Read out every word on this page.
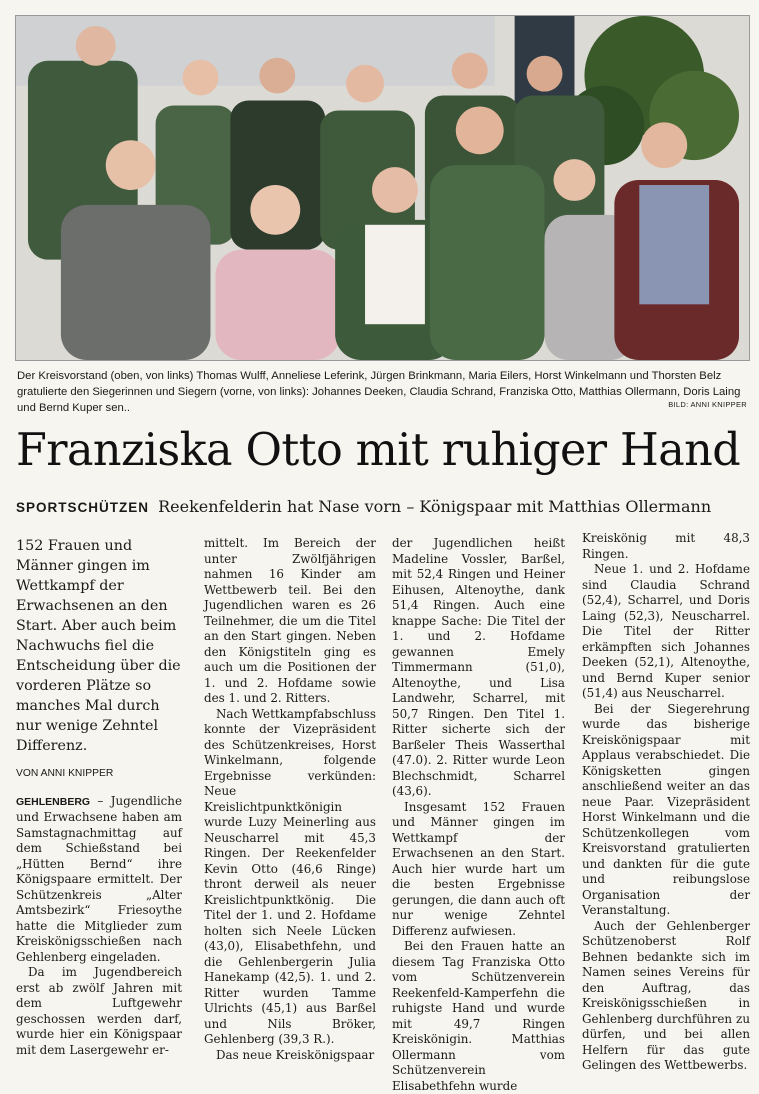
Der Kreisvorstand (oben, von links) Thomas Wulff, Anneliese Leferink, Jürgen Brinkmann, Maria Eilers, Horst Winkelmann und Thorsten Belz gratulierte den Siegerinnen und Siegern (vorne, von links): Johannes Deeken, Claudia Schrand, Franziska Otto, Matthias Ollermann, Doris Laing und Bernd Kuper sen..	BILD: ANNI KNIPPER
Franziska Otto mit ruhiger Hand
SPORTSCHÜTZEN Reekenfelderin hat Nase vorn – Königspaar mit Matthias Ollermann

152 Frauen und Männer gingen im Wettkampf der Erwachsenen an den Start. Aber auch beim Nachwuchs fiel die Entscheidung über die vorderen Plätze so manches Mal durch nur wenige Zehntel Differenz.

VON ANNI KNIPPER

GEHLENBERG – Jugendliche und Erwachsene haben am Samstagnachmittag auf dem Schießstand bei „Hütten Bernd“ ihre Königspaare ermittelt. Der Schützenkreis „Alter Amtsbezirk“ Friesoythe hatte die Mitglieder zum Kreiskönigsschießen nach Gehlenberg eingeladen.

Da im Jugendbereich erst ab zwölf Jahren mit dem Luftgewehr geschossen werden darf, wurde hier ein Königspaar mit dem Lasergewehr er-

mittelt. Im Bereich der unter Zwölfjährigen nahmen 16 Kinder am Wettbewerb teil. Bei den Jugendlichen waren es 26 Teilnehmer, die um die Titel an den Start gingen. Neben den Königstiteln ging es auch um die Positionen der 1. und 2. Hofdame sowie des 1. und 2. Ritters.

Nach Wettkampfabschluss konnte der Vizepräsident des Schützenkreises, Horst Winkelmann, folgende Ergebnisse verkünden: Neue Kreislichtpunktkönigin wurde Luzy Meinerling aus Neuscharrel mit 45,3 Ringen. Der Reekenfelder Kevin Otto (46,6 Ringe) thront derweil als neuer Kreislichtpunktkönig. Die Titel der 1. und 2. Hofdame holten sich Neele Lücken (43,0), Elisabethfehn, und die Gehlenbergerin Julia Hanekamp (42,5). 1. und 2. Ritter wurden Tamme Ulrichts (45,1) aus Barßel und Nils Bröker, Gehlenberg (39,3 R.).

Das neue Kreiskönigspaar

der Jugendlichen heißt Madeline Vossler, Barßel, mit 52,4 Ringen und Heiner Eihusen, Altenoythe, dank 51,4 Ringen. Auch eine knappe Sache: Die Titel der 1. und 2. Hofdame gewannen Emely Timmermann (51,0), Altenoythe, und Lisa Landwehr, Scharrel, mit 50,7 Ringen. Den Titel 1. Ritter sicherte sich der Barßeler Theis Wasserthal (47.0). 2. Ritter wurde Leon Blechschmidt, Scharrel (43,6).

Insgesamt 152 Frauen und Männer gingen im Wettkampf der Erwachsenen an den Start. Auch hier wurde hart um die besten Ergebnisse gerungen, die dann auch oft nur wenige Zehntel Differenz aufwiesen.

Bei den Frauen hatte an diesem Tag Franziska Otto vom Schützenverein Reekenfeld-Kamperfehn die ruhigste Hand und wurde mit 49,7 Ringen Kreiskönigin. Matthias Ollermann vom Schützenverein Elisabethfehn wurde

Kreiskönig mit 48,3 Ringen.

Neue 1. und 2. Hofdame sind Claudia Schrand (52,4), Scharrel, und Doris Laing (52,3), Neuscharrel. Die Titel der Ritter erkämpften sich Johannes Deeken (52,1), Altenoythe, und Bernd Kuper senior (51,4) aus Neuscharrel.

Bei der Siegerehrung wurde das bisherige Kreiskönigspaar mit Applaus verabschiedet. Die Königsketten gingen anschließend weiter an das neue Paar. Vizepräsident Horst Winkelmann und die Schützenkollegen vom Kreisvorstand gratulierten und dankten für die gute und reibungslose Organisation der Veranstaltung.

Auch der Gehlenberger Schützenoberst Rolf Behnen bedankte sich im Namen seines Vereins für den Auftrag, das Kreiskönigsschießen in Gehlenberg durchführen zu dürfen, und bei allen Helfern für das gute Gelingen des Wettbewerbs.
